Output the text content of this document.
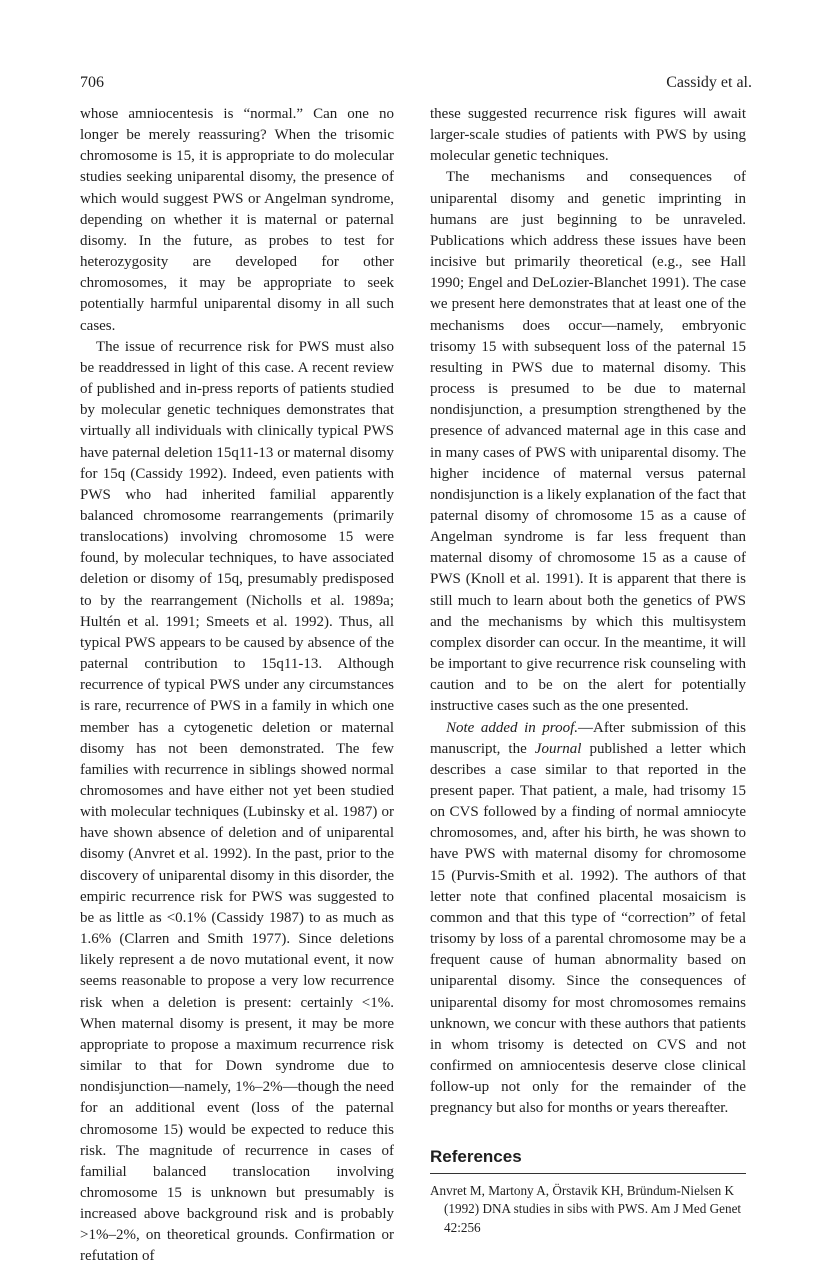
706	Cassidy et al.

whose amniocentesis is “normal.” Can one no longer be merely reassuring? When the trisomic chromosome is 15, it is appropriate to do molecular studies seeking uniparental disomy, the presence of which would suggest PWS or Angelman syndrome, depending on whether it is maternal or paternal disomy. In the future, as probes to test for heterozygosity are developed for other chromosomes, it may be appropriate to seek potentially harmful uniparental disomy in all such cases.

The issue of recurrence risk for PWS must also be readdressed in light of this case. A recent review of published and in-press reports of patients studied by molecular genetic techniques demonstrates that virtually all individuals with clinically typical PWS have paternal deletion 15q11-13 or maternal disomy for 15q (Cassidy 1992). Indeed, even patients with PWS who had inherited familial apparently balanced chromosome rearrangements (primarily translocations) involving chromosome 15 were found, by molecular techniques, to have associated deletion or disomy of 15q, presumably predisposed to by the rearrangement (Nicholls et al. 1989a; Hultén et al. 1991; Smeets et al. 1992). Thus, all typical PWS appears to be caused by absence of the paternal contribution to 15q11-13. Although recurrence of typical PWS under any circumstances is rare, recurrence of PWS in a family in which one member has a cytogenetic deletion or maternal disomy has not been demonstrated. The few families with recurrence in siblings showed normal chromosomes and have either not yet been studied with molecular techniques (Lubinsky et al. 1987) or have shown absence of deletion and of uniparental disomy (Anvret et al. 1992). In the past, prior to the discovery of uniparental disomy in this disorder, the empiric recurrence risk for PWS was suggested to be as little as <0.1% (Cassidy 1987) to as much as 1.6% (Clarren and Smith 1977). Since deletions likely represent a de novo mutational event, it now seems reasonable to propose a very low recurrence risk when a deletion is present: certainly <1%. When maternal disomy is present, it may be more appropriate to propose a maximum recurrence risk similar to that for Down syndrome due to nondisjunction—namely, 1%–2%—though the need for an additional event (loss of the paternal chromosome 15) would be expected to reduce this risk. The magnitude of recurrence in cases of familial balanced translocation involving chromosome 15 is unknown but presumably is increased above background risk and is probably >1%–2%, on theoretical grounds. Confirmation or refutation of

these suggested recurrence risk figures will await larger-scale studies of patients with PWS by using molecular genetic techniques.

The mechanisms and consequences of uniparental disomy and genetic imprinting in humans are just beginning to be unraveled. Publications which address these issues have been incisive but primarily theoretical (e.g., see Hall 1990; Engel and DeLozier-Blanchet 1991). The case we present here demonstrates that at least one of the mechanisms does occur—namely, embryonic trisomy 15 with subsequent loss of the paternal 15 resulting in PWS due to maternal disomy. This process is presumed to be due to maternal nondisjunction, a presumption strengthened by the presence of advanced maternal age in this case and in many cases of PWS with uniparental disomy. The higher incidence of maternal versus paternal nondisjunction is a likely explanation of the fact that paternal disomy of chromosome 15 as a cause of Angelman syndrome is far less frequent than maternal disomy of chromosome 15 as a cause of PWS (Knoll et al. 1991). It is apparent that there is still much to learn about both the genetics of PWS and the mechanisms by which this multisystem complex disorder can occur. In the meantime, it will be important to give recurrence risk counseling with caution and to be on the alert for potentially instructive cases such as the one presented.

Note added in proof.—After submission of this manuscript, the Journal published a letter which describes a case similar to that reported in the present paper. That patient, a male, had trisomy 15 on CVS followed by a finding of normal amniocyte chromosomes, and, after his birth, he was shown to have PWS with maternal disomy for chromosome 15 (Purvis-Smith et al. 1992). The authors of that letter note that confined placental mosaicism is common and that this type of “correction” of fetal trisomy by loss of a parental chromosome may be a frequent cause of human abnormality based on uniparental disomy. Since the consequences of uniparental disomy for most chromosomes remains unknown, we concur with these authors that patients in whom trisomy is detected on CVS and not confirmed on amniocentesis deserve close clinical follow-up not only for the remainder of the pregnancy but also for months or years thereafter.

References

Anvret M, Martony A, Örstavik KH, Bründum-Nielsen K (1992) DNA studies in sibs with PWS. Am J Med Genet 42:256
